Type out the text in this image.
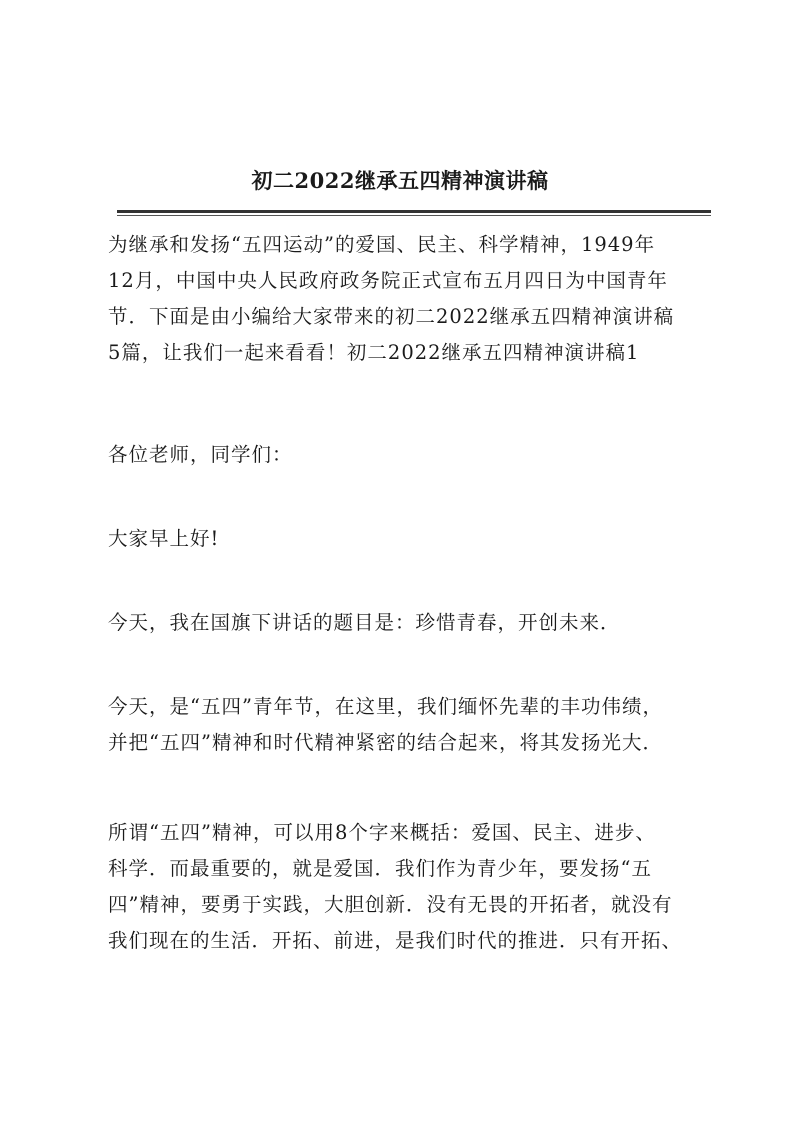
初二2022继承五四精神演讲稿

为继承和发扬“五四运动”的爱国、民主、科学精神，1949年
12月，中国中央人民政府政务院正式宣布五月四日为中国青年
节．下面是由小编给大家带来的初二2022继承五四精神演讲稿
5篇，让我们一起来看看！初二2022继承五四精神演讲稿1

各位老师，同学们：

大家早上好!

今天，我在国旗下讲话的题目是：珍惜青春，开创未来．

今天，是“五四”青年节，在这里，我们缅怀先辈的丰功伟绩，
并把“五四”精神和时代精神紧密的结合起来，将其发扬光大．

所谓“五四”精神，可以用8个字来概括：爱国、民主、进步、
科学．而最重要的，就是爱国．我们作为青少年，要发扬“五
四”精神，要勇于实践，大胆创新．没有无畏的开拓者，就没有
我们现在的生活．开拓、前进，是我们时代的推进．只有开拓、
